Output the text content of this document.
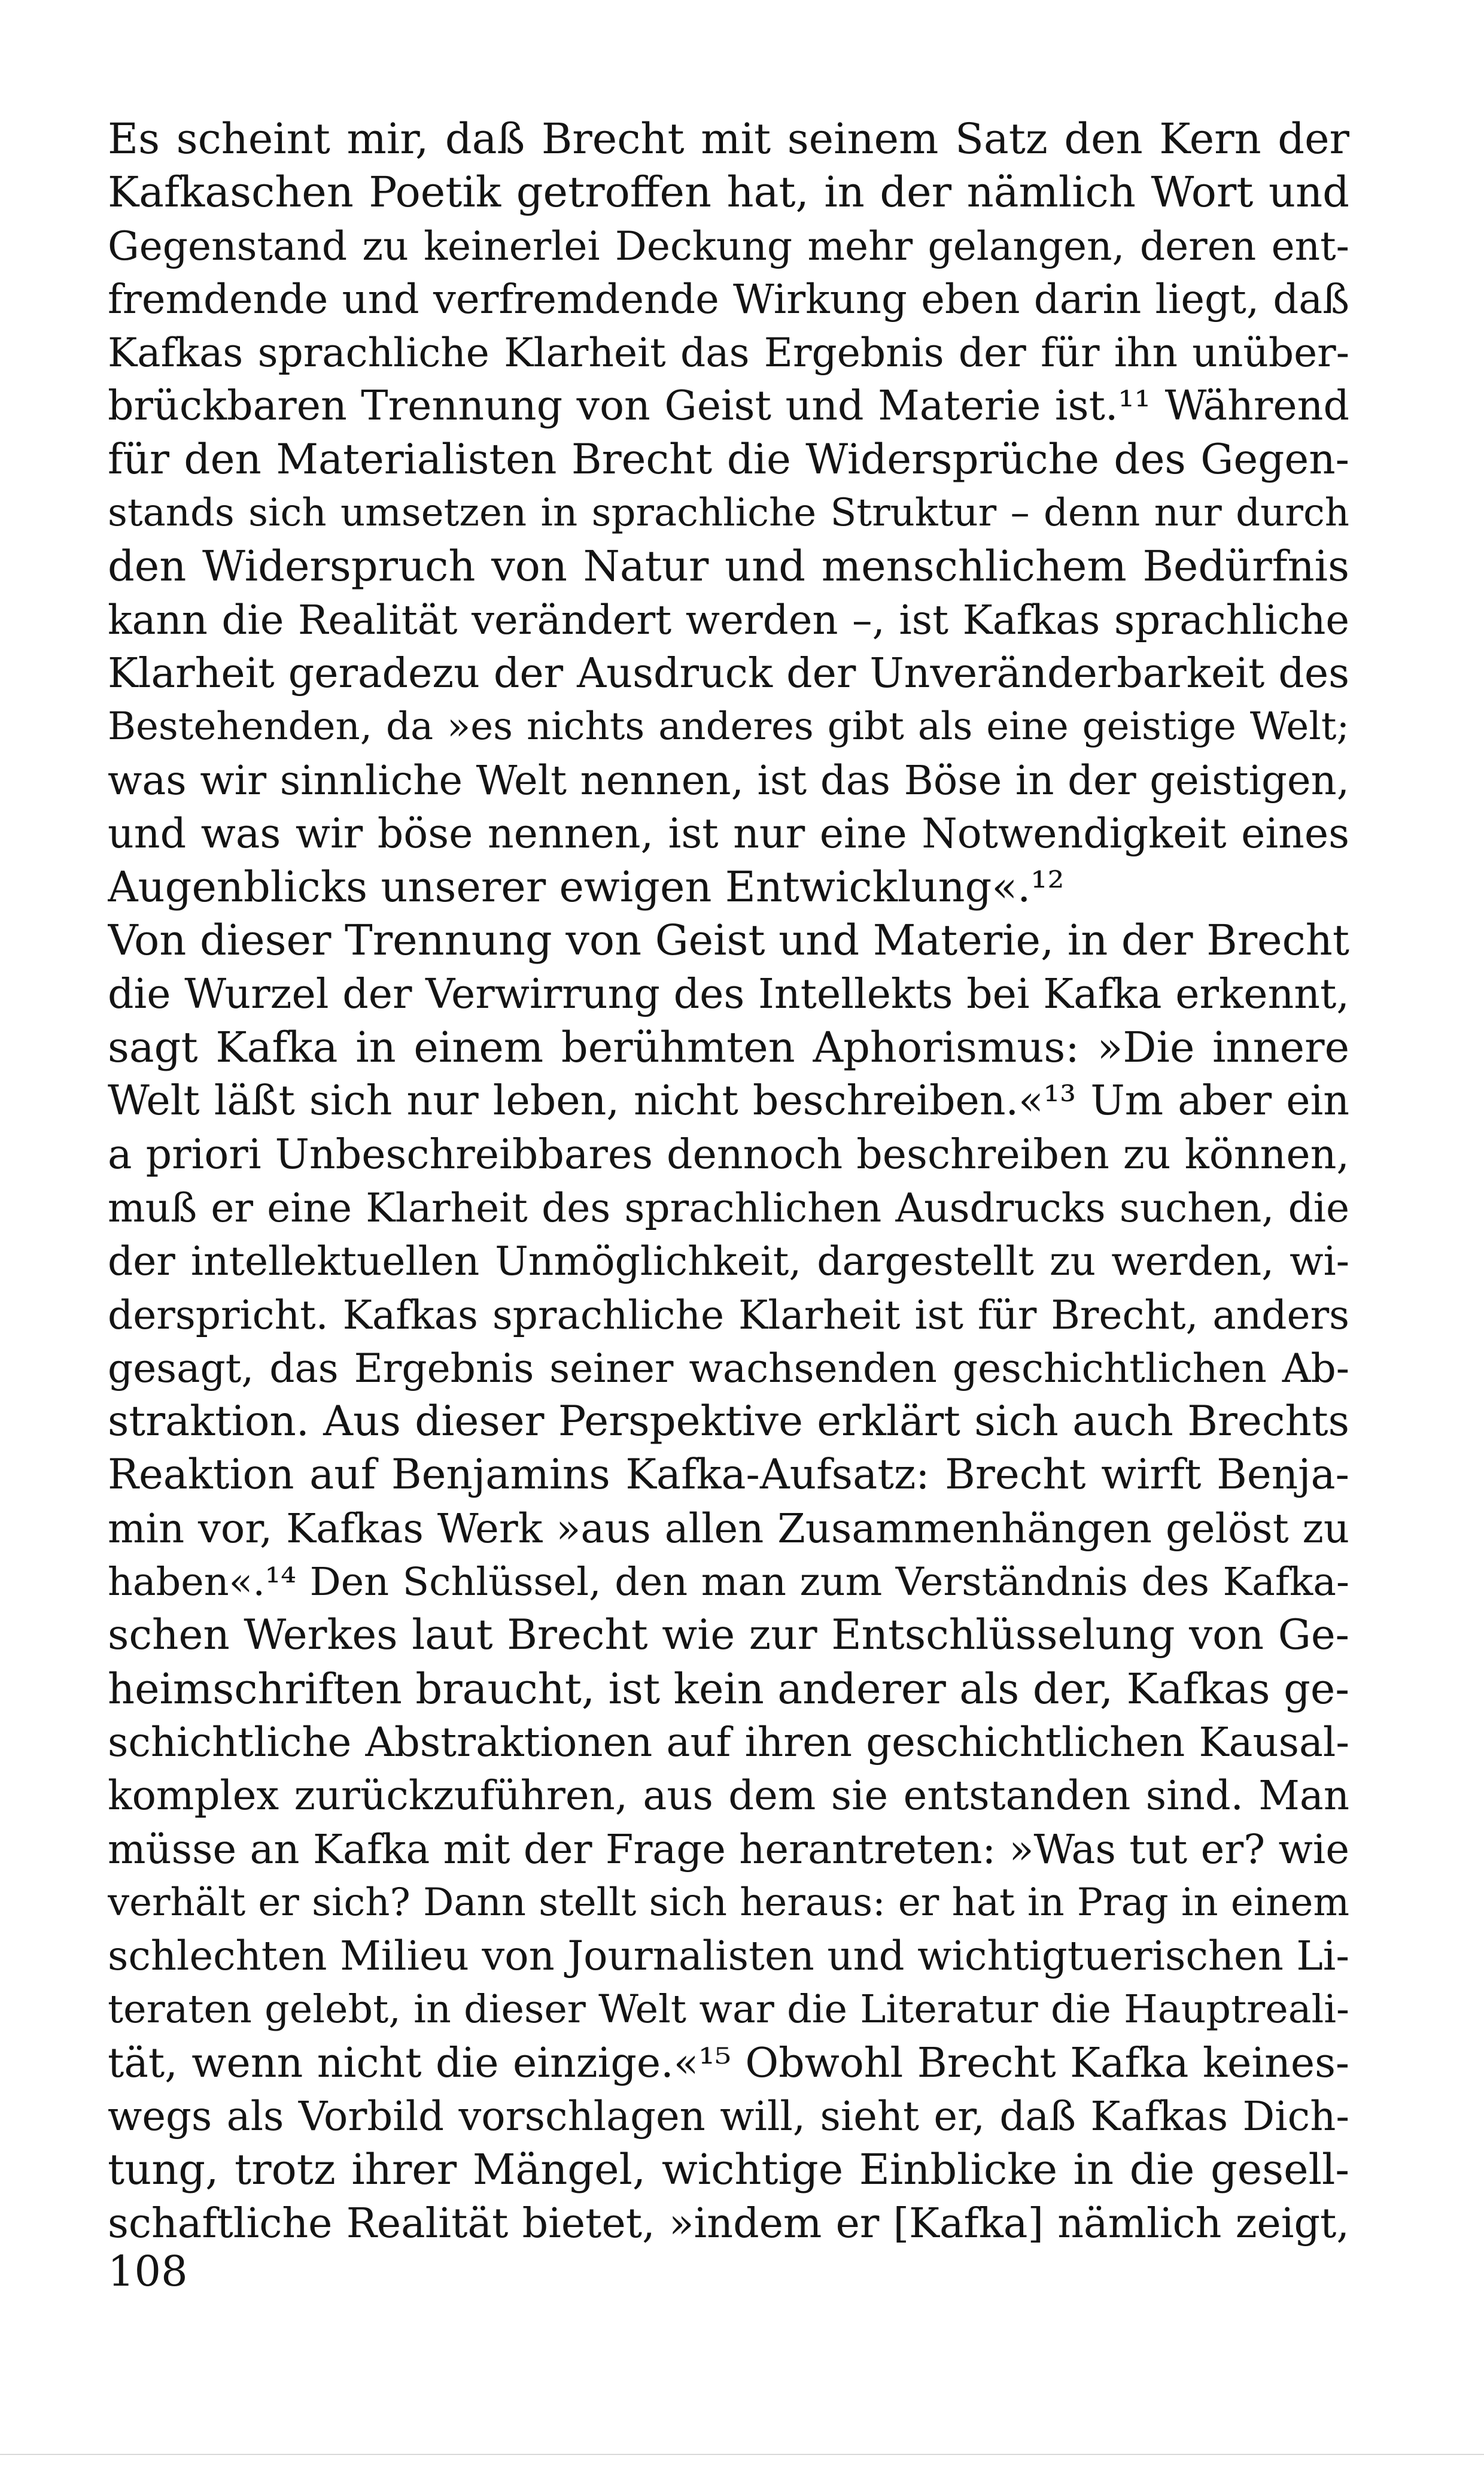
Es scheint mir, daß Brecht mit seinem Satz den Kern der
Kafkaschen Poetik getroffen hat, in der nämlich Wort und
Gegenstand zu keinerlei Deckung mehr gelangen, deren ent-
fremdende und verfremdende Wirkung eben darin liegt, daß
Kafkas sprachliche Klarheit das Ergebnis der für ihn unüber-
brückbaren Trennung von Geist und Materie ist.¹¹ Während
für den Materialisten Brecht die Widersprüche des Gegen-
stands sich umsetzen in sprachliche Struktur – denn nur durch
den Widerspruch von Natur und menschlichem Bedürfnis
kann die Realität verändert werden –, ist Kafkas sprachliche
Klarheit geradezu der Ausdruck der Unveränderbarkeit des
Bestehenden, da »es nichts anderes gibt als eine geistige Welt;
was wir sinnliche Welt nennen, ist das Böse in der geistigen,
und was wir böse nennen, ist nur eine Notwendigkeit eines
Augenblicks unserer ewigen Entwicklung«.¹²
Von dieser Trennung von Geist und Materie, in der Brecht
die Wurzel der Verwirrung des Intellekts bei Kafka erkennt,
sagt Kafka in einem berühmten Aphorismus: »Die innere
Welt läßt sich nur leben, nicht beschreiben.«¹³ Um aber ein
a priori Unbeschreibbares dennoch beschreiben zu können,
muß er eine Klarheit des sprachlichen Ausdrucks suchen, die
der intellektuellen Unmöglichkeit, dargestellt zu werden, wi-
derspricht. Kafkas sprachliche Klarheit ist für Brecht, anders
gesagt, das Ergebnis seiner wachsenden geschichtlichen Ab-
straktion. Aus dieser Perspektive erklärt sich auch Brechts
Reaktion auf Benjamins Kafka-Aufsatz: Brecht wirft Benja-
min vor, Kafkas Werk »aus allen Zusammenhängen gelöst zu
haben«.¹⁴ Den Schlüssel, den man zum Verständnis des Kafka-
schen Werkes laut Brecht wie zur Entschlüsselung von Ge-
heimschriften braucht, ist kein anderer als der, Kafkas ge-
schichtliche Abstraktionen auf ihren geschichtlichen Kausal-
komplex zurückzuführen, aus dem sie entstanden sind. Man
müsse an Kafka mit der Frage herantreten: »Was tut er? wie
verhält er sich? Dann stellt sich heraus: er hat in Prag in einem
schlechten Milieu von Journalisten und wichtigtuerischen Li-
teraten gelebt, in dieser Welt war die Literatur die Hauptreali-
tät, wenn nicht die einzige.«¹⁵ Obwohl Brecht Kafka keines-
wegs als Vorbild vorschlagen will, sieht er, daß Kafkas Dich-
tung, trotz ihrer Mängel, wichtige Einblicke in die gesell-
schaftliche Realität bietet, »indem er [Kafka] nämlich zeigt,
108
